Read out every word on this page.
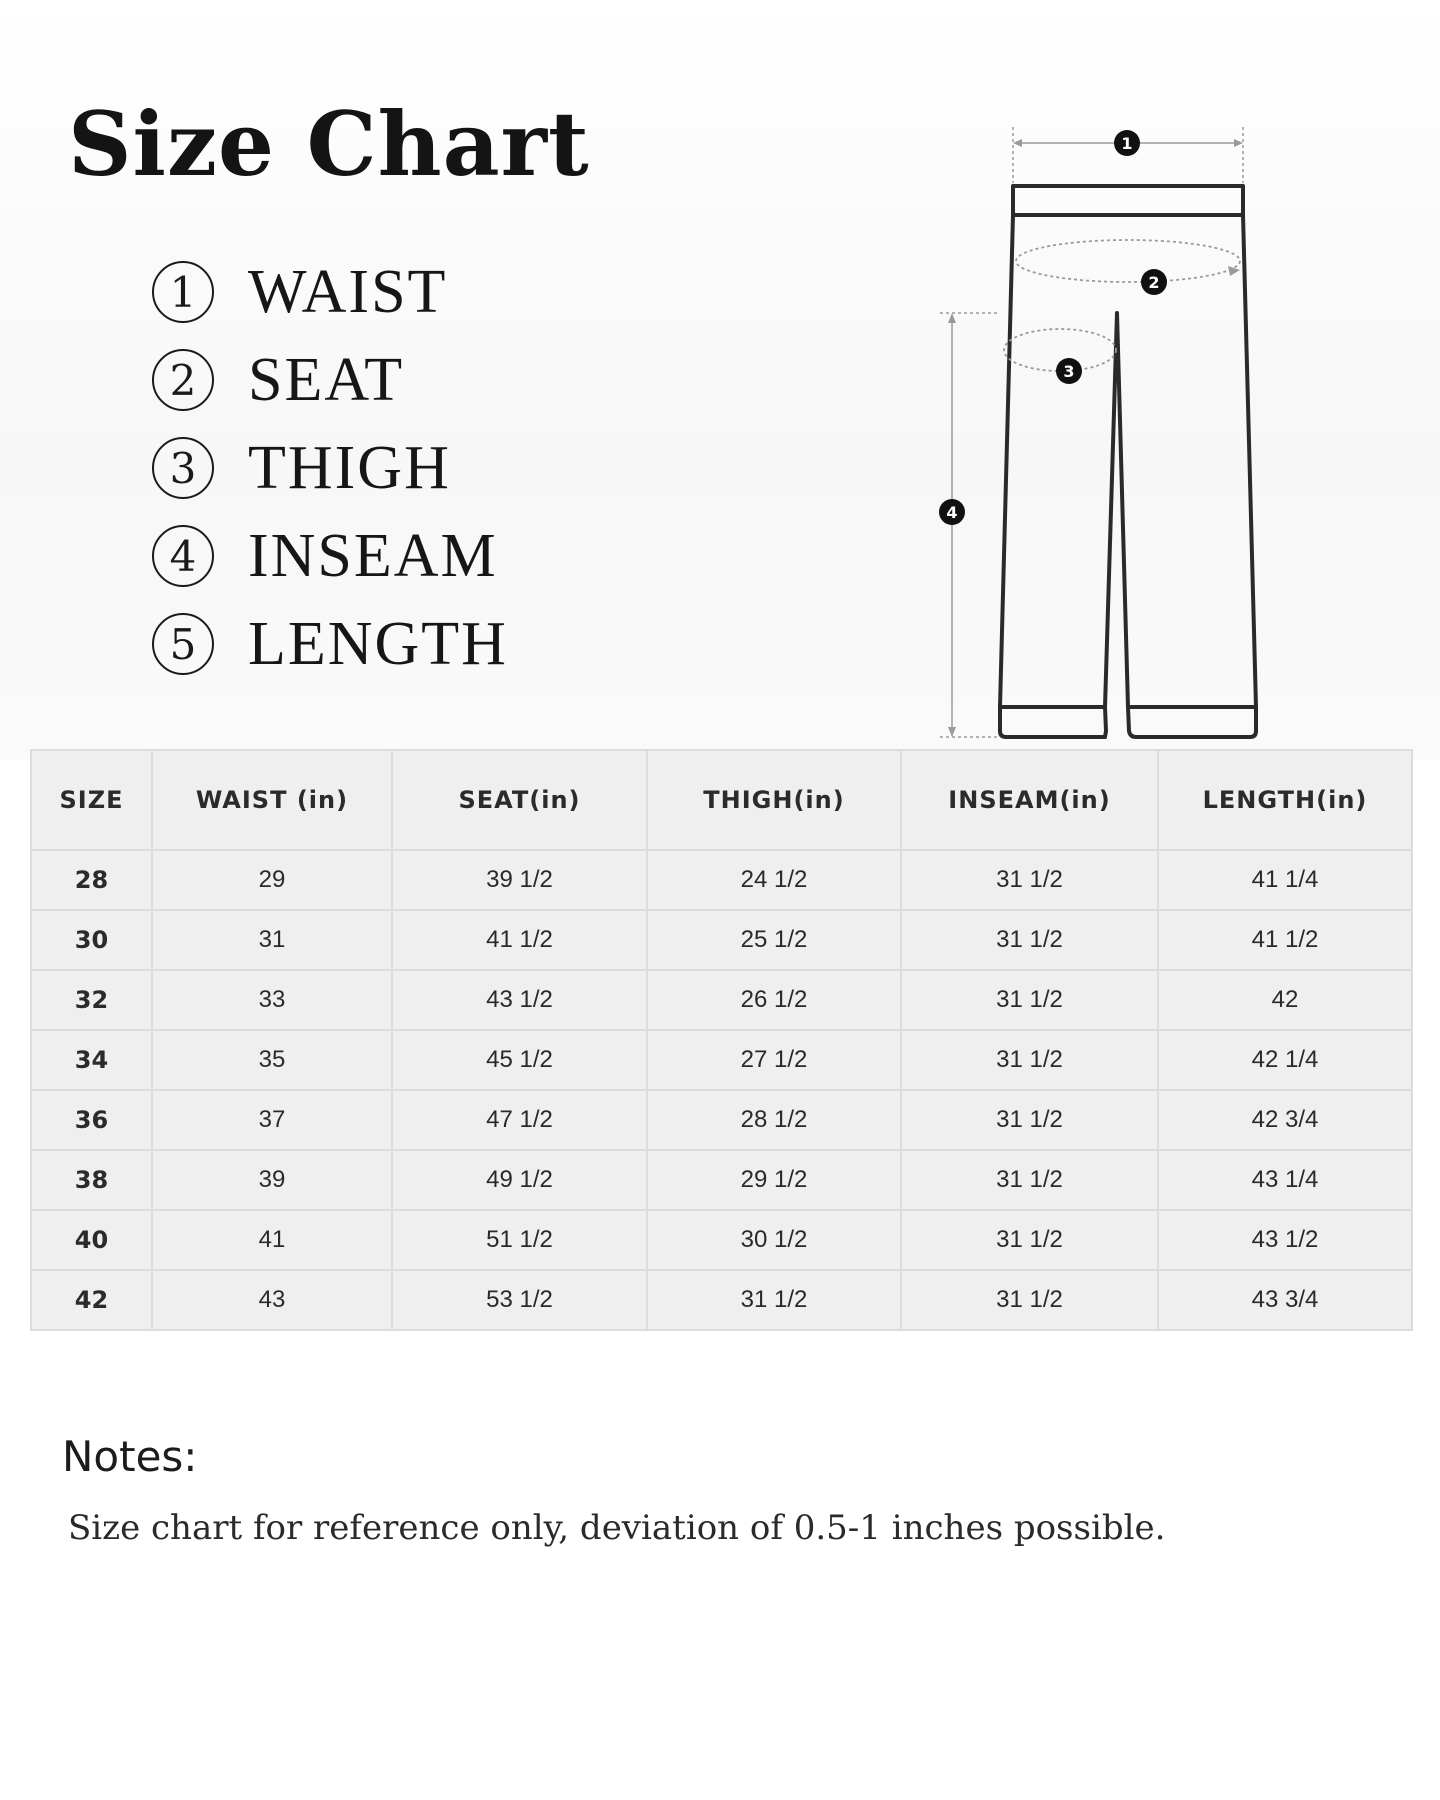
Size Chart
1 WAIST
2 SEAT
3 THIGH
4 INSEAM
5 LENGTH
1
2
3
4
SIZE	WAIST (in)	SEAT(in)	THIGH(in)	INSEAM(in)	LENGTH(in)
28	29	39 1/2	24 1/2	31 1/2	41 1/4
30	31	41 1/2	25 1/2	31 1/2	41 1/2
32	33	43 1/2	26 1/2	31 1/2	42
34	35	45 1/2	27 1/2	31 1/2	42 1/4
36	37	47 1/2	28 1/2	31 1/2	42 3/4
38	39	49 1/2	29 1/2	31 1/2	43 1/4
40	41	51 1/2	30 1/2	31 1/2	43 1/2
42	43	53 1/2	31 1/2	31 1/2	43 3/4
Notes:
Size chart for reference only, deviation of 0.5-1 inches possible.
